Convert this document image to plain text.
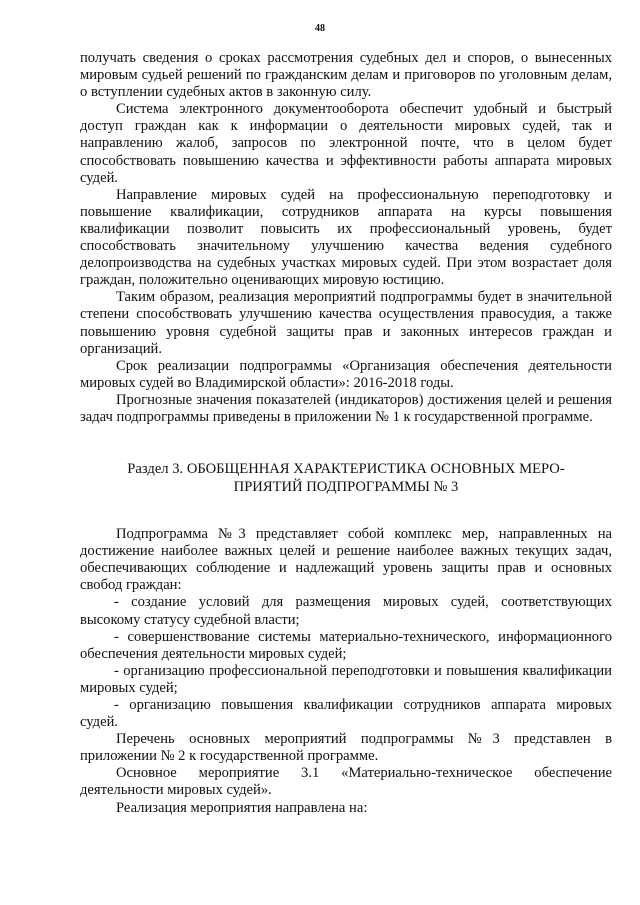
48

получать сведения о сроках рассмотрения судебных дел и споров, о вынесенных мировым судьей решений по гражданским делам и приговоров по уголовным делам, о вступлении судебных актов в законную силу.

Система электронного документооборота обеспечит удобный и быстрый доступ граждан как к информации о деятельности мировых судей, так и направлению жалоб, запросов по электронной почте, что в целом будет способствовать повышению качества и эффективности работы аппарата мировых судей.

Направление мировых судей на профессиональную переподготовку и повышение квалификации, сотрудников аппарата на курсы повышения квалификации позволит повысить их профессиональный уровень, будет способствовать значительному улучшению качества ведения судебного делопроизводства на судебных участках мировых судей. При этом возрастает доля граждан, положительно оценивающих мировую юстицию.

Таким образом, реализация мероприятий подпрограммы будет в значительной степени способствовать улучшению качества осуществления правосудия, а также повышению уровня судебной защиты прав и законных интересов граждан и организаций.

Срок реализации подпрограммы «Организация обеспечения деятельности мировых судей во Владимирской области»: 2016-2018 годы.

Прогнозные значения показателей (индикаторов) достижения целей и решения задач подпрограммы приведены в приложении № 1 к государственной программе.

Раздел 3. ОБОБЩЕННАЯ ХАРАКТЕРИСТИКА ОСНОВНЫХ МЕРО-
ПРИЯТИЙ ПОДПРОГРАММЫ № 3

Подпрограмма №3 представляет собой комплекс мер, направленных на достижение наиболее важных целей и решение наиболее важных текущих задач, обеспечивающих соблюдение и надлежащий уровень защиты прав и основных свобод граждан:

- создание условий для размещения мировых судей, соответствующих высокому статусу судебной власти;

- совершенствование системы материально-технического, информационного обеспечения деятельности мировых судей;

- организацию профессиональной переподготовки и повышения квалификации мировых судей;

- организацию повышения квалификации сотрудников аппарата мировых судей.

Перечень основных мероприятий подпрограммы №3 представлен в приложении № 2 к государственной программе.

Основное мероприятие 3.1 «Материально-техническое обеспечение деятельности мировых судей».

Реализация мероприятия направлена на:
